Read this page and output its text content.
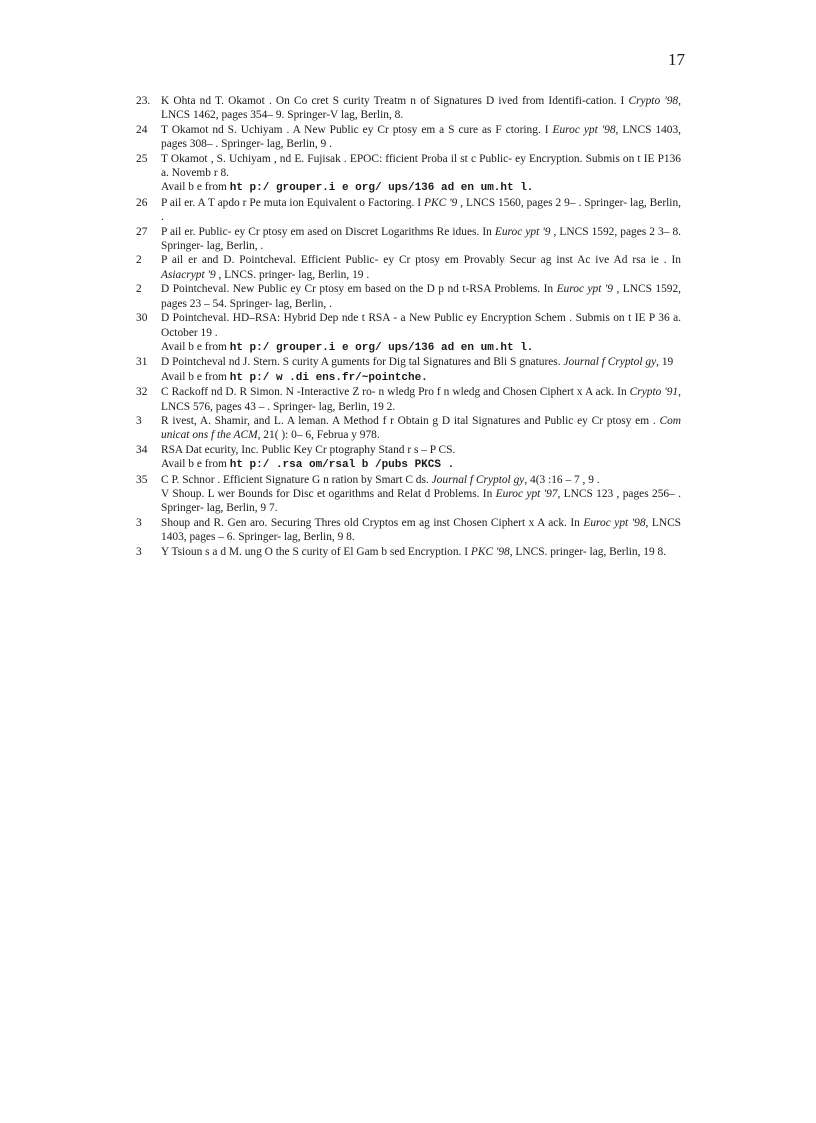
17
23. K Ohta nd T. Okamot . On Co cret S curity Treatm n of Signatures D ived from Identifi-cation. I Crypto '98, LNCS 1462, pages 354– 9. Springer-V lag, Berlin, 8.
24	T Okamot nd S. Uchiyam . A New Public ey Cr ptosy em a S cure as F ctoring. I Euroc ypt '98, LNCS 1403, pages 308– . Springer- lag, Berlin, 9 .
25	T Okamot , S. Uchiyam , nd E. Fujisak . EPOC: fficient Proba il st c Public- ey Encryption. Submis on t IE P136 a. Novemb r 8.
Avail b e from ht p:/ grouper.i e org/ ups/136 ad en um.ht l.
26	P ail er. A T apdo r Pe muta ion Equivalent o Factoring. I PKC '9 , LNCS 1560, pages 2 9– . Springer- lag, Berlin, .
27	P ail er. Public- ey Cr ptosy em ased on Discret Logarithms Re idues. In Euroc ypt '9 , LNCS 1592, pages 2 3– 8. Springer- lag, Berlin, .
2	P ail er and D. Pointcheval. Efficient Public- ey Cr ptosy em Provably Secur ag inst Ac ive Ad rsa ie . In Asiacrypt '9 , LNCS. pringer- lag, Berlin, 19 .
2	D Pointcheval. New Public ey Cr ptosy em based on the D p nd t-RSA Problems. In Euroc ypt '9 , LNCS 1592, pages 23 – 54. Springer- lag, Berlin, .
30	D Pointcheval. HD–RSA: Hybrid Dep nde t RSA - a New Public ey Encryption Schem . Submis on t IE P 36 a. October 19 .
Avail b e from ht p:/ grouper.i e org/ ups/136 ad en um.ht l.
31	D Pointcheval nd J. Stern. S curity A guments for Dig tal Signatures and Bli S gnatures. Journal f Cryptol gy, 19
Avail b e from ht p:/ w .di ens.fr/~pointche.
32	C Rackoff nd D. R Simon. N -Interactive Z ro- n wledg Pro f n wledg and Chosen Ciphert x A ack. In Crypto '91, LNCS 576, pages 43 – . Springer- lag, Berlin, 19 2.
3	R ivest, A. Shamir, and L. A leman. A Method f r Obtain g D ital Signatures and Public ey Cr ptosy em . Com unicat ons f the ACM, 21( ): 0– 6, Februa y 978.
34	RSA Dat ecurity, Inc. Public Key Cr ptography Stand r s – P CS.
Avail b e from ht p:/ .rsa om/rsal b /pubs PKCS .
35	C P. Schnor . Efficient Signature G n ration by Smart C ds. Journal f Cryptol gy, 4(3 :16 – 7 , 9 .
V Shoup. L wer Bounds for Disc et ogarithms and Relat d Problems. In Euroc ypt '97, LNCS 123 , pages 256– . Springer- lag, Berlin, 9 7.
3	Shoup and R. Gen aro. Securing Thres old Cryptos em ag inst Chosen Ciphert x A ack. In Euroc ypt '98, LNCS 1403, pages – 6. Springer- lag, Berlin, 9 8.
3	Y Tsioun s a d M. ung O the S curity of El Gam b sed Encryption. I PKC '98, LNCS. pringer- lag, Berlin, 19 8.
